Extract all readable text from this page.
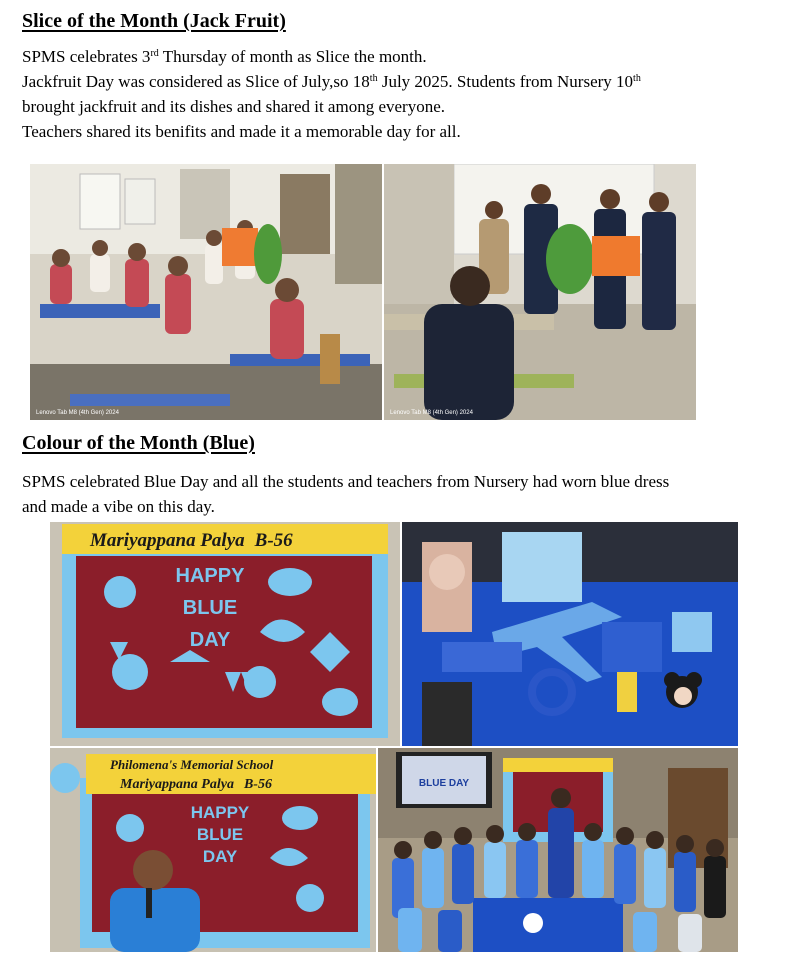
Slice of the Month (Jack Fruit)

SPMS celebrates 3rd Thursday of month as Slice the month.

Jackfruit Day was considered as Slice of July,so 18th July 2025. Students from Nursery 10th

brought jackfruit and its dishes and shared it among everyone.

Teachers shared its benifits and made it a memorable day for all.

Lenovo Tab M8 (4th Gen) 2024	Lenovo Tab M8 (4th Gen) 2024
Colour of the Month (Blue)

SPMS celebrated Blue Day and all the students and teachers from Nursery had worn blue dress

and made a vibe on this day.

Mariyappana Palya B-56
HAPPY
BLUE
DAY
Philomena's Memorial School
Mariyappana Palya B-56
HAPPY
BLUE
DAY
BLUE DAY
